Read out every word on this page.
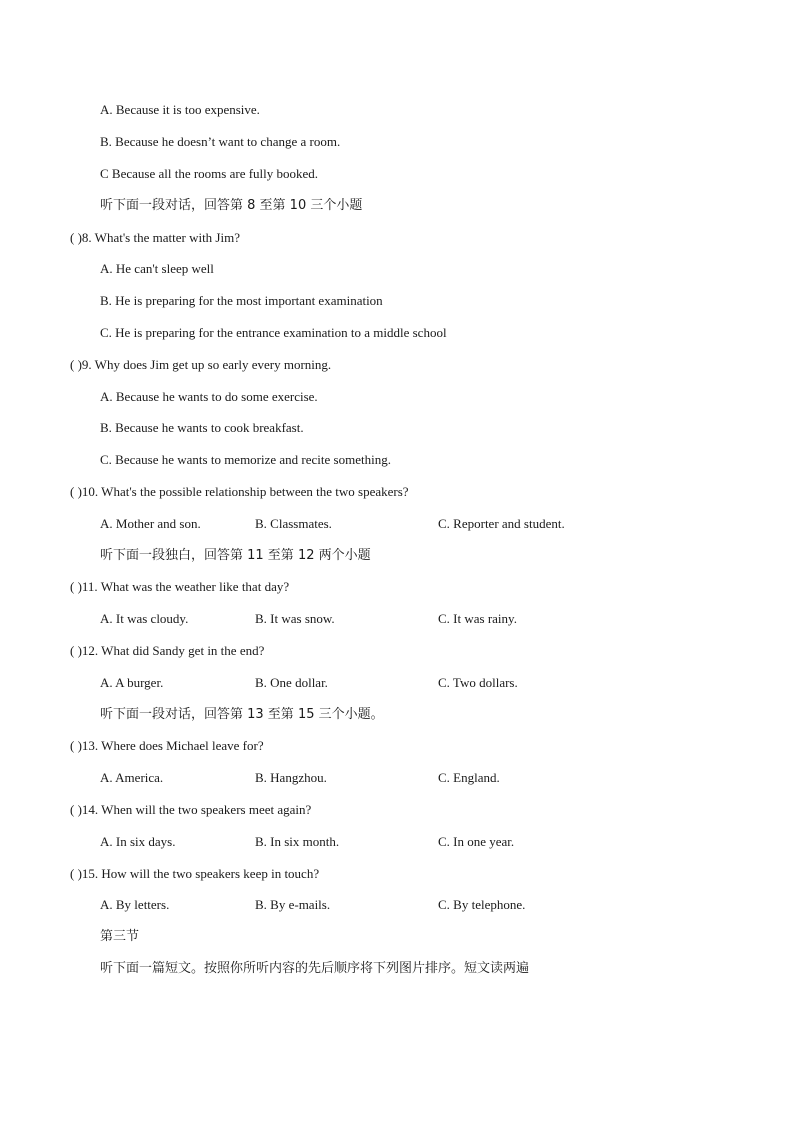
A. Because it is too expensive.
B. Because he doesn’t want to change a room.
C Because all the rooms are fully booked.
听下面一段对话，回答第 8 至第 10 三个小题
( )8. What's the matter with Jim?
A. He can't sleep well
B. He is preparing for the most important examination
C. He is preparing for the entrance examination to a middle school
( )9. Why does Jim get up so early every morning.
A. Because he wants to do some exercise.
B. Because he wants to cook breakfast.
C. Because he wants to memorize and recite something.
( )10. What's the possible relationship between the two speakers?
A. Mother and son.	B. Classmates.	C. Reporter and student.
听下面一段独白，回答第 11 至第 12 两个小题
( )11. What was the weather like that day?
A. It was cloudy.	B. It was snow.	C. It was rainy.
( )12. What did Sandy get in the end?
A. A burger.	B. One dollar.	C. Two dollars.
听下面一段对话，回答第 13 至第 15 三个小题。
( )13. Where does Michael leave for?
A. America.	B. Hangzhou.	C. England.
( )14. When will the two speakers meet again?
A. In six days.	B. In six month.	C. In one year.
( )15. How will the two speakers keep in touch?
A. By letters.	B. By e-mails.	C. By telephone.
第三节
听下面一篇短文。按照你所听内容的先后顺序将下列图片排序。短文读两遍
